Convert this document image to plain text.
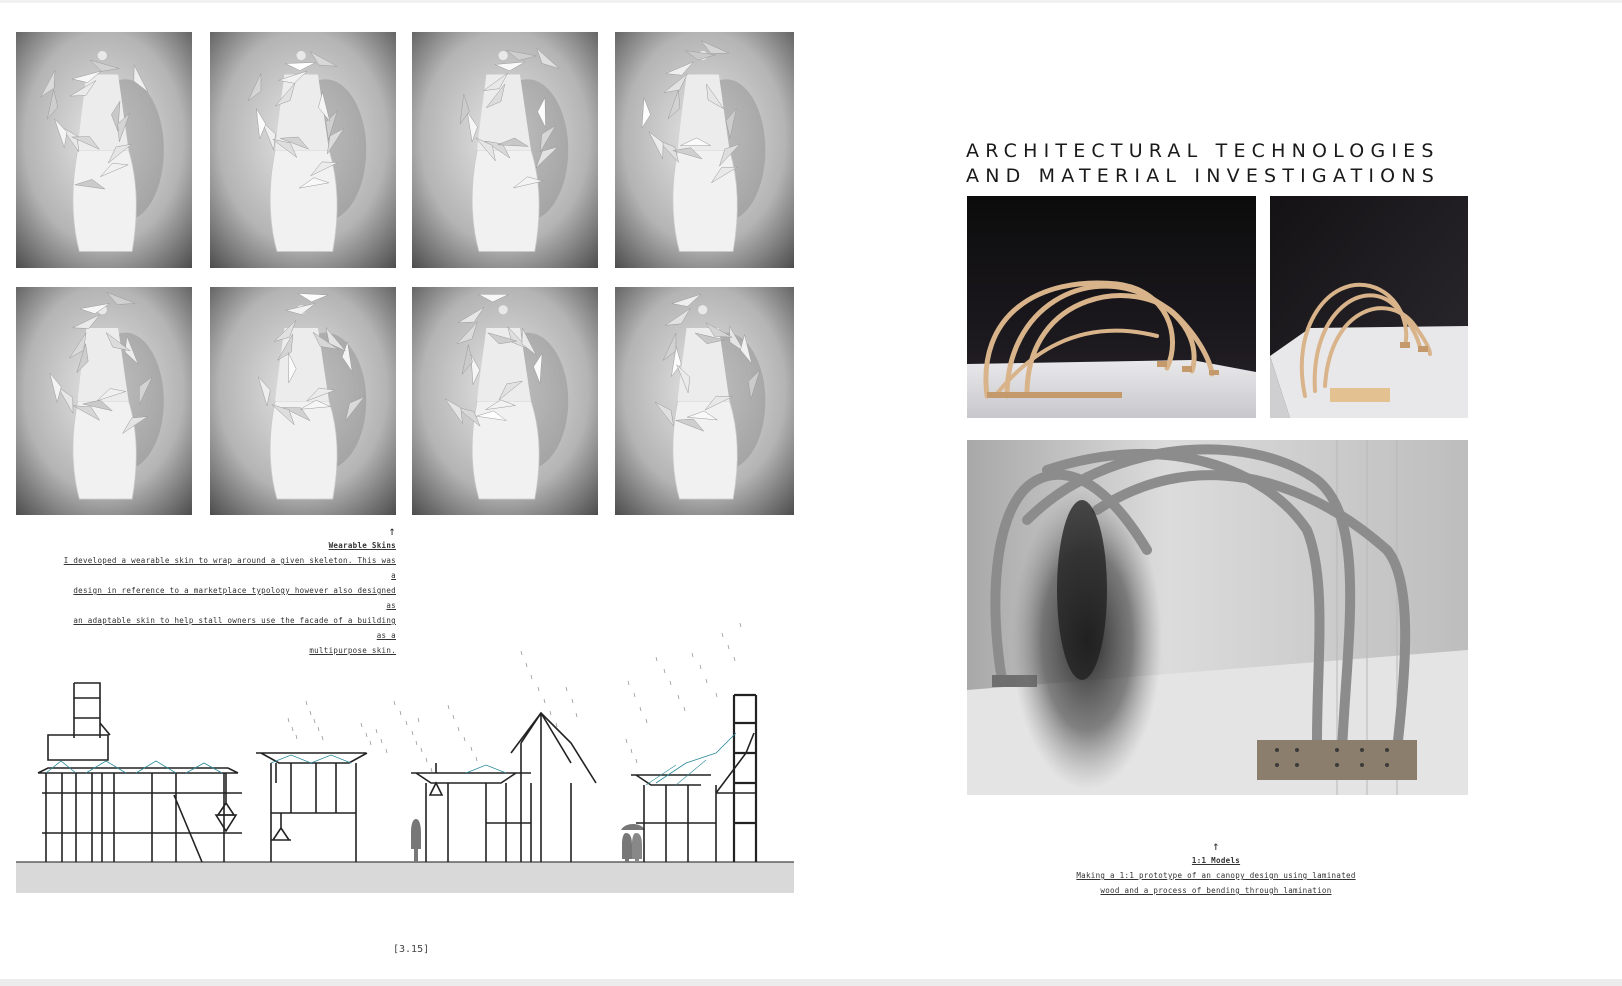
↑
Wearable Skins
I developed a wearable skin to wrap around a given skeleton. This was a
design in reference to a marketplace typology however also designed as
an adaptable skin to help stall owners use the facade of a building as a
multipurpose skin.
[3.15]
ARCHITECTURAL TECHNOLOGIES
AND MATERIAL INVESTIGATIONS
↑
1:1 Models
Making a 1:1 prototype of an canopy design using laminated
wood and a process of bending through lamination
